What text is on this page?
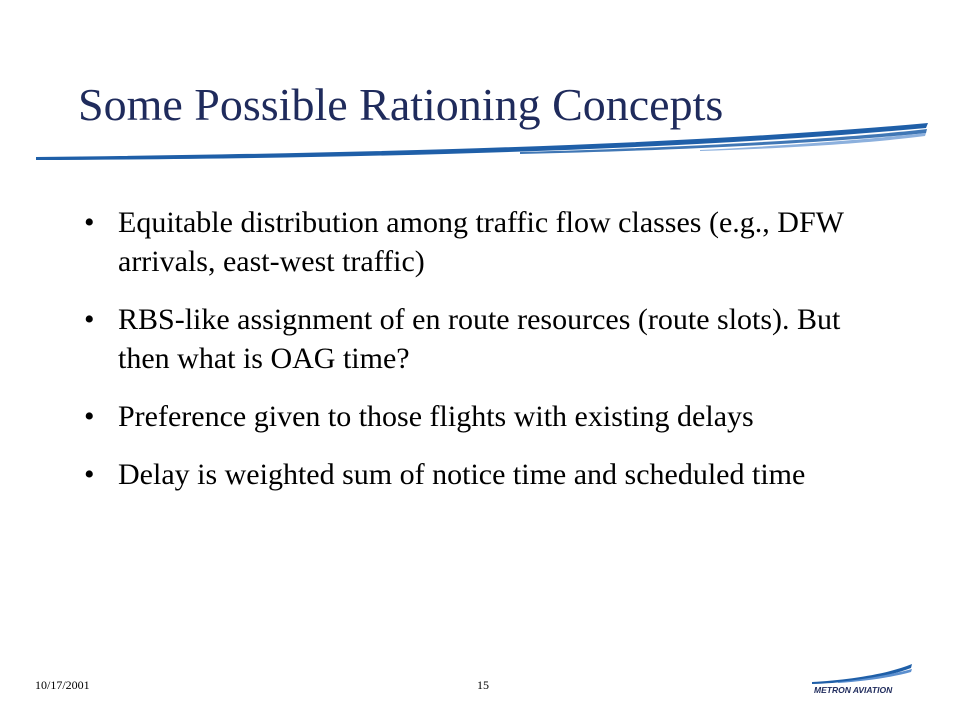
Some Possible Rationing Concepts
• Equitable distribution among traffic flow classes (e.g., DFW arrivals, east-west traffic)
• RBS-like assignment of en route resources (route slots). But then what is OAG time?
• Preference given to those flights with existing delays
• Delay is weighted sum of notice time and scheduled time
10/17/2001	15	METRON AVIATION
